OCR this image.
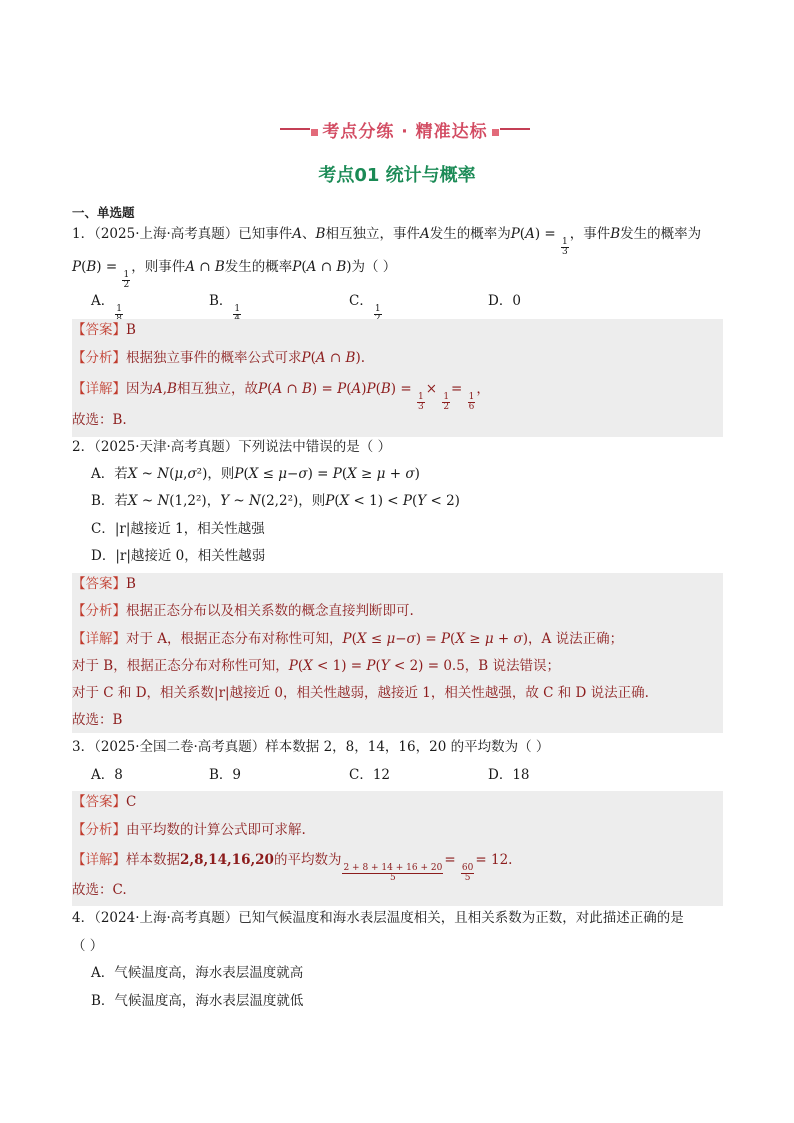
考点分练 · 精准达标
考点01 统计与概率
一、单选题
1．（2025·上海·高考真题）已知事件A、B相互独立，事件A发生的概率为P(A) =
$\frac{1}{3}$
，事件B发生的概率为
P(B) =
$\frac{1}{2}$
，则事件A ∩ B发生的概率P(A ∩ B)为（ ）
A． 1	B． 1	C． 1	D．0
【答案】B
【分析】根据独立事件的概率公式可求P(A ∩ B).
【详解】因为A,B相互独立，故P(A ∩ B) = P(A)P(B) =
$\frac{1}{3}$
×
$\frac{1}{2}$
=
$\frac{1}{6}$
，
故选：B.
2．（2025·天津·高考真题）下列说法中错误的是（ ）
A．若X ~ N(μ,σ²)，则P(X ≤ μ−σ) = P(X ≥ μ + σ)
B．若X ~ N(1,2²)，Y ~ N(2,2²)，则P(X < 1) < P(Y < 2)
C．|r|越接近 1，相关性越强
D．|r|越接近 0，相关性越弱
【答案】B
【分析】根据正态分布以及相关系数的概念直接判断即可.
【详解】对于 A，根据正态分布对称性可知，P(X ≤ μ−σ) = P(X ≥ μ + σ)，A 说法正确；
对于 B，根据正态分布对称性可知，P(X < 1) = P(Y < 2) = 0.5，B 说法错误；
对于 C 和 D，相关系数|r|越接近 0，相关性越弱，越接近 1，相关性越强，故 C 和 D 说法正确.
故选：B
3．（2025·全国二卷·高考真题）样本数据 2，8，14，16，20 的平均数为（ ）
A．8	B．9	C．12	D．18
【答案】C
【分析】由平均数的计算公式即可求解.
【详解】样本数据2,8,14,16,20的平均数为
$\frac{2 + 8 + 14 + 16 + 20}{5}$
=
$\frac{60}{5}$
= 12.
故选：C.
4．（2024·上海·高考真题）已知气候温度和海水表层温度相关，且相关系数为正数，对此描述正确的是
（ ）
A．气候温度高，海水表层温度就高
B．气候温度高，海水表层温度就低
